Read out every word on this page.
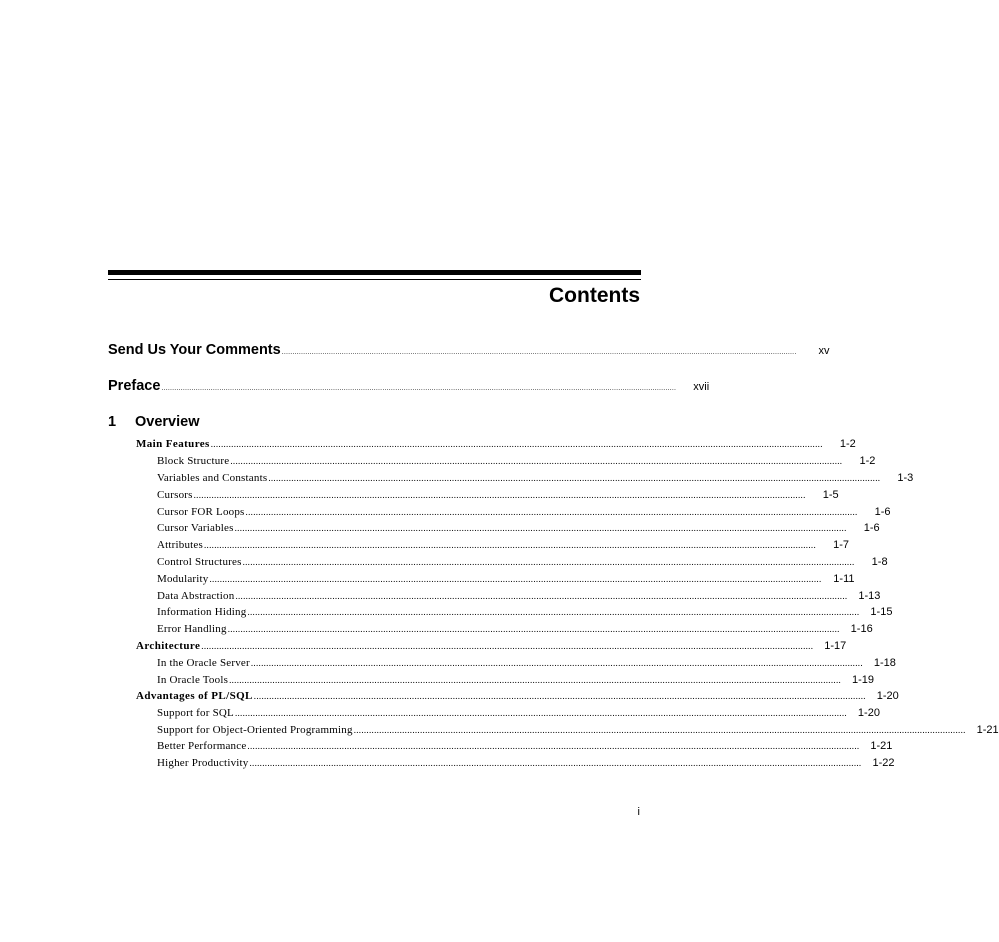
Contents
Send Us Your Comments ................................................................................................................................................................................................................................................	xv
Preface ................................................................................................................................................................................................................................................	xvii
1 Overview
Main Features ................................................................................................................................................................................................................................................	1-2
Block Structure ................................................................................................................................................................................................................................................	1-2
Variables and Constants ................................................................................................................................................................................................................................................	1-3
Cursors ................................................................................................................................................................................................................................................	1-5
Cursor FOR Loops ................................................................................................................................................................................................................................................	1-6
Cursor Variables ................................................................................................................................................................................................................................................	1-6
Attributes ................................................................................................................................................................................................................................................	1-7
Control Structures ................................................................................................................................................................................................................................................	1-8
Modularity ................................................................................................................................................................................................................................................	1-11
Data Abstraction ................................................................................................................................................................................................................................................ 1-13
Information Hiding ................................................................................................................................................................................................................................................ 1-15
Error Handling ................................................................................................................................................................................................................................................ 1-16
Architecture ................................................................................................................................................................................................................................................ 1-17
In the Oracle Server ................................................................................................................................................................................................................................................ 1-18
In Oracle Tools ................................................................................................................................................................................................................................................ 1-19
Advantages of PL/SQL ................................................................................................................................................................................................................................................ 1-20
Support for SQL ................................................................................................................................................................................................................................................ 1-20
Support for Object-Oriented Programming ................................................................................................................................................................................................................................................ 1-21
Better Performance ................................................................................................................................................................................................................................................ 1-21
Higher Productivity ................................................................................................................................................................................................................................................ 1-22
i
